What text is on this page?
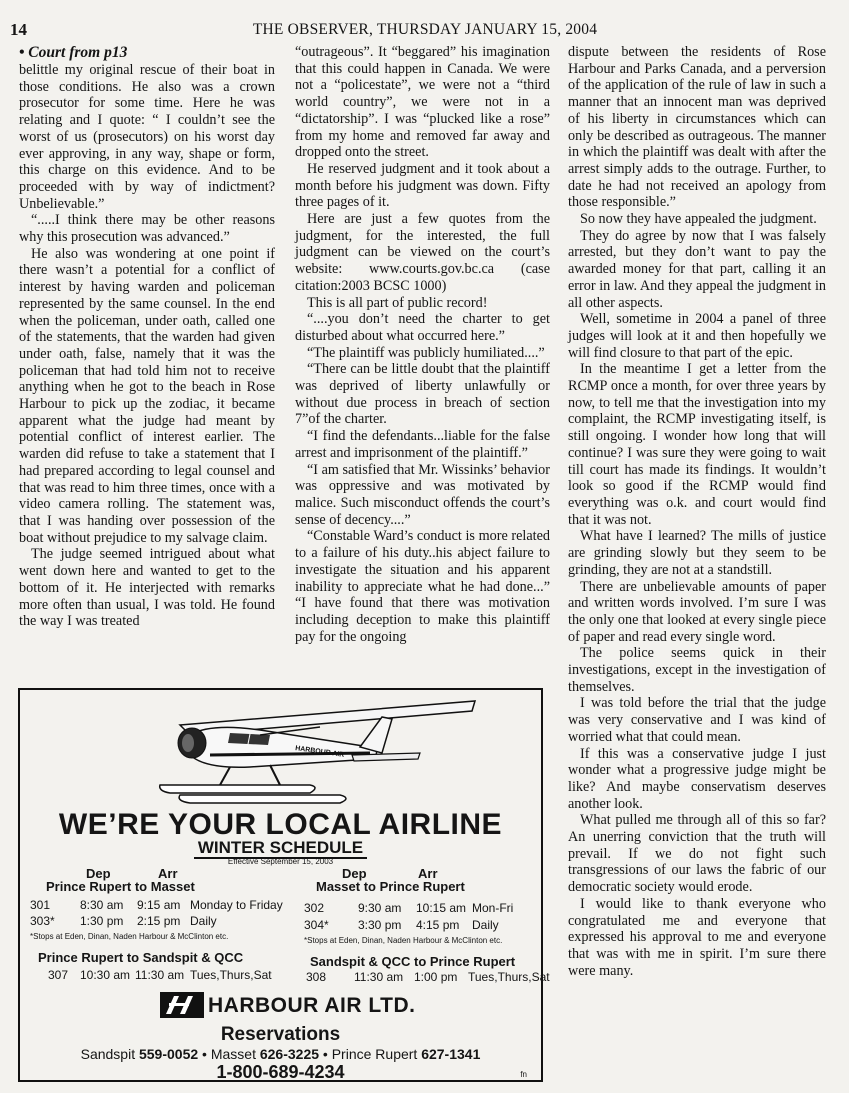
14	THE OBSERVER, THURSDAY JANUARY 15, 2004
• Court from p13

belittle my original rescue of their boat in those conditions. He also was a crown prosecutor for some time. Here he was relating and I quote: “ I couldn’t see the worst of us (prosecutors) on his worst day ever approving, in any way, shape or form, this charge on this evidence. And to be proceeded with by way of indictment? Unbelievable.”

“.....I think there may be other reasons why this prosecution was advanced.”

He also was wondering at one point if there wasn’t a potential for a conflict of interest by having warden and policeman represented by the same counsel. In the end when the policeman, under oath, called one of the statements, that the warden had given under oath, false, namely that it was the policeman that had told him not to receive anything when he got to the beach in Rose Harbour to pick up the zodiac, it became apparent what the judge had meant by potential conflict of interest earlier. The warden did refuse to take a statement that I had prepared according to legal counsel and that was read to him three times, once with a video camera rolling. The statement was, that I was handing over possession of the boat without prejudice to my salvage claim.

The judge seemed intrigued about what went down here and wanted to get to the bottom of it. He interjected with remarks more often than usual, I was told. He found the way I was treated

“outrageous”. It “beggared” his imagination that this could happen in Canada. We were not a “policestate”, we were not a “third world country”, we were not in a “dictatorship”. I was “plucked like a rose” from my home and removed far away and dropped onto the street.

He reserved judgment and it took about a month before his judgment was down. Fifty three pages of it.

Here are just a few quotes from the judgment, for the interested, the full judgment can be viewed on the court’s website: www.courts.gov.bc.ca (case citation:2003 BCSC 1000)

This is all part of public record!

“....you don’t need the charter to get disturbed about what occurred here.”

“The plaintiff was publicly humiliated....”

“There can be little doubt that the plaintiff was deprived of liberty unlawfully or without due process in breach of section 7”of the charter.

“I find the defendants...liable for the false arrest and imprisonment of the plaintiff.”

“I am satisfied that Mr. Wissinks’ behavior was oppressive and was motivated by malice. Such misconduct offends the court’s sense of decency....”

“Constable Ward’s conduct is more related to a failure of his duty..his abject failure to investigate the situation and his apparent inability to appreciate what he had done...” “I have found that there was motivation including deception to make this plaintiff pay for the ongoing

dispute between the residents of Rose Harbour and Parks Canada, and a perversion of the application of the rule of law in such a manner that an innocent man was deprived of his liberty in circumstances which can only be described as outrageous. The manner in which the plaintiff was dealt with after the arrest simply adds to the outrage. Further, to date he had not received an apology from those responsible.”

So now they have appealed the judgment.

They do agree by now that I was falsely arrested, but they don’t want to pay the awarded money for that part, calling it an error in law. And they appeal the judgment in all other aspects.

Well, sometime in 2004 a panel of three judges will look at it and then hopefully we will find closure to that part of the epic.

In the meantime I get a letter from the RCMP once a month, for over three years by now, to tell me that the investigation into my complaint, the RCMP investigating itself, is still ongoing. I wonder how long that will continue? I was sure they were going to wait till court has made its findings. It wouldn’t look so good if the RCMP would find everything was o.k. and court would find that it was not.

What have I learned? The mills of justice are grinding slowly but they seem to be grinding, they are not at a standstill.

There are unbelievable amounts of paper and written words involved. I’m sure I was the only one that looked at every single piece of paper and read every single word.

The police seems quick in their investigations, except in the investigation of themselves.

I was told before the trial that the judge was very conservative and I was kind of worried what that could mean.

If this was a conservative judge I just wonder what a progressive judge might be like? And maybe conservatism deserves another look.

What pulled me through all of this so far? An unerring conviction that the truth will prevail. If we do not fight such transgressions of our laws the fabric of our democratic society would erode.

I would like to thank everyone who congratulated me and everyone that expressed his approval to me and everyone that was with me in spirit. I’m sure there were many.

HARBOUR AIR
WE’RE YOUR LOCAL AIRLINE
WINTER SCHEDULE
Effective September 15, 2003
Dep	Arr
Prince Rupert to Masset
301 8:30 am 9:15 am Monday to Friday
303* 1:30 pm 2:15 pm Daily
*Stops at Eden, Dinan, Naden Harbour & McClinton etc.
Prince Rupert to Sandspit & QCC
307 10:30 am 11:30 am Tues,Thurs,Sat
Dep	Arr
Masset to Prince Rupert
302	9:30 am 10:15 am Mon-Fri
304* 3:30 pm 4:15 pm Daily
*Stops at Eden, Dinan, Naden Harbour & McClinton etc.
Sandspit & QCC to Prince Rupert
308 11:30 am 1:00 pm Tues,Thurs,Sat
HARBOUR AIR LTD.
Reservations
Sandspit 559-0052 • Masset 626-3225 • Prince Rupert 627-1341
1-800-689-4234	fn
